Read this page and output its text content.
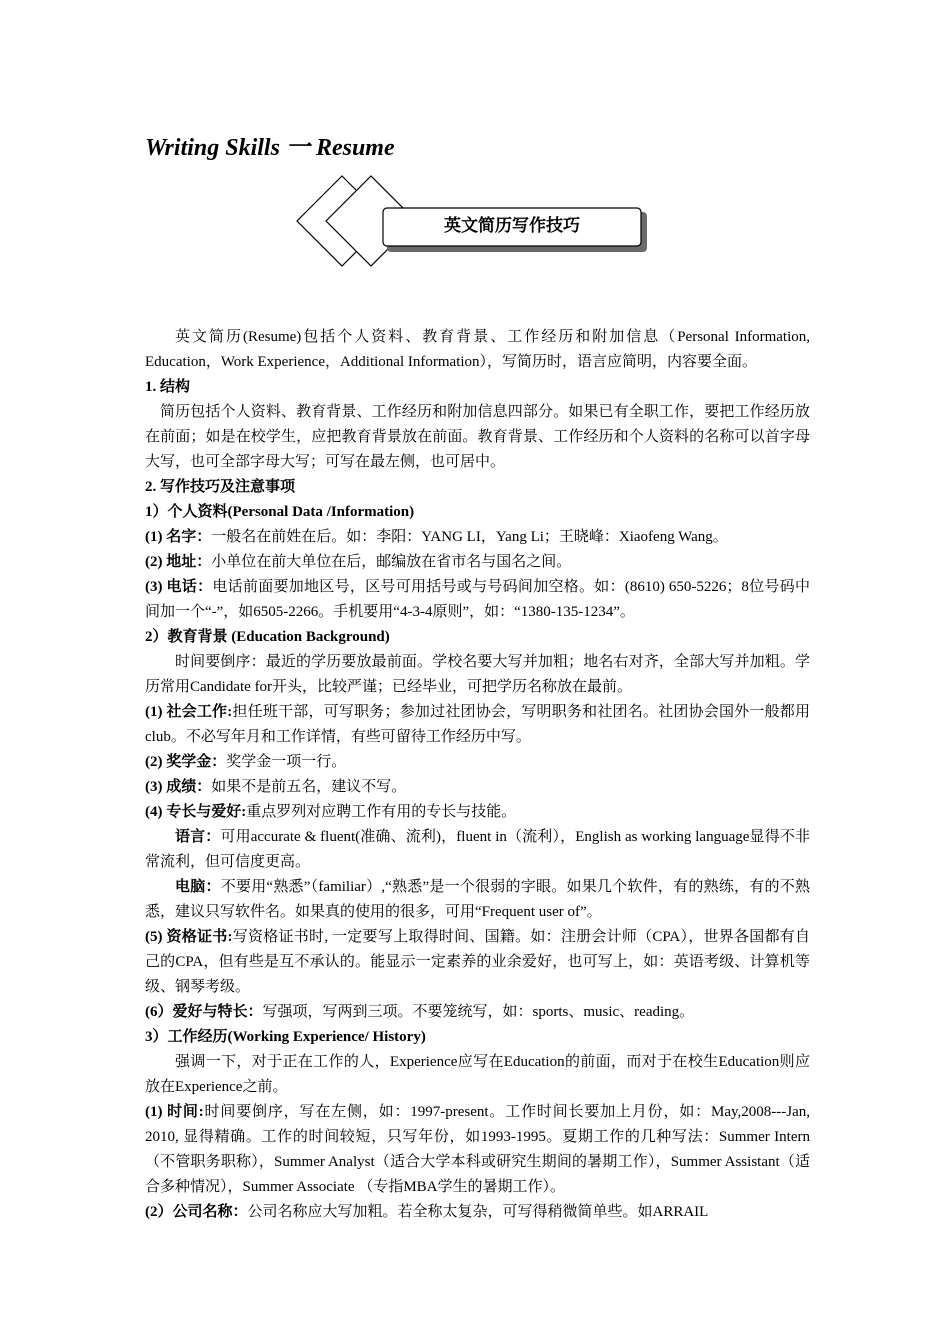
Writing Skills 一 Resume
英文简历写作技巧

英文简历(Resume)包括个人资料、教育背景、工作经历和附加信息（Personal Information, Education，Work Experience，Additional Information），写简历时，语言应简明，内容要全面。

1. 结构

简历包括个人资料、教育背景、工作经历和附加信息四部分。如果已有全职工作，要把工作经历放在前面；如是在校学生，应把教育背景放在前面。教育背景、工作经历和个人资料的名称可以首字母大写，也可全部字母大写；可写在最左侧，也可居中。

2. 写作技巧及注意事项

1）个人资料(Personal Data /Information)

(1) 名字：一般名在前姓在后。如：李阳：YANG LI，Yang Li；王晓峰：Xiaofeng Wang。

(2) 地址：小单位在前大单位在后，邮编放在省市名与国名之间。

(3) 电话：电话前面要加地区号，区号可用括号或与号码间加空格。如：(8610) 650-5226；8位号码中间加一个“-”，如6505-2266。手机要用“4-3-4原则”，如：“1380-135-1234”。

2）教育背景 (Education Background)

时间要倒序：最近的学历要放最前面。学校名要大写并加粗；地名右对齐，全部大写并加粗。学历常用Candidate for开头，比较严谨；已经毕业，可把学历名称放在最前。

(1) 社会工作:担任班干部，可写职务；参加过社团协会，写明职务和社团名。社团协会国外一般都用club。不必写年月和工作详情，有些可留待工作经历中写。

(2) 奖学金：奖学金一项一行。

(3) 成绩：如果不是前五名，建议不写。

(4) 专长与爱好:重点罗列对应聘工作有用的专长与技能。

语言：可用accurate & fluent(准确、流利)，fluent in（流利），English as working language显得不非常流利，但可信度更高。

电脑：不要用“熟悉”（familiar）,“熟悉”是一个很弱的字眼。如果几个软件，有的熟练，有的不熟悉，建议只写软件名。如果真的使用的很多，可用“Frequent user of”。

(5) 资格证书:写资格证书时, 一定要写上取得时间、国籍。如：注册会计师（CPA），世界各国都有自己的CPA，但有些是互不承认的。能显示一定素养的业余爱好，也可写上，如：英语考级、计算机等级、钢琴考级。

(6）爱好与特长：写强项，写两到三项。不要笼统写，如：sports、music、reading。

3）工作经历(Working Experience/ History)

强调一下，对于正在工作的人，Experience应写在Education的前面，而对于在校生Education则应放在Experience之前。

(1) 时间:时间要倒序，写在左侧，如：1997-present。工作时间长要加上月份，如：May,2008---Jan, 2010, 显得精确。工作的时间较短，只写年份，如1993-1995。夏期工作的几种写法：Summer Intern（不管职务职称），Summer Analyst（适合大学本科或研究生期间的暑期工作），Summer Assistant（适合多种情况），Summer Associate （专指MBA学生的暑期工作）。

(2）公司名称：公司名称应大写加粗。若全称太复杂，可写得稍微简单些。如ARRAIL
